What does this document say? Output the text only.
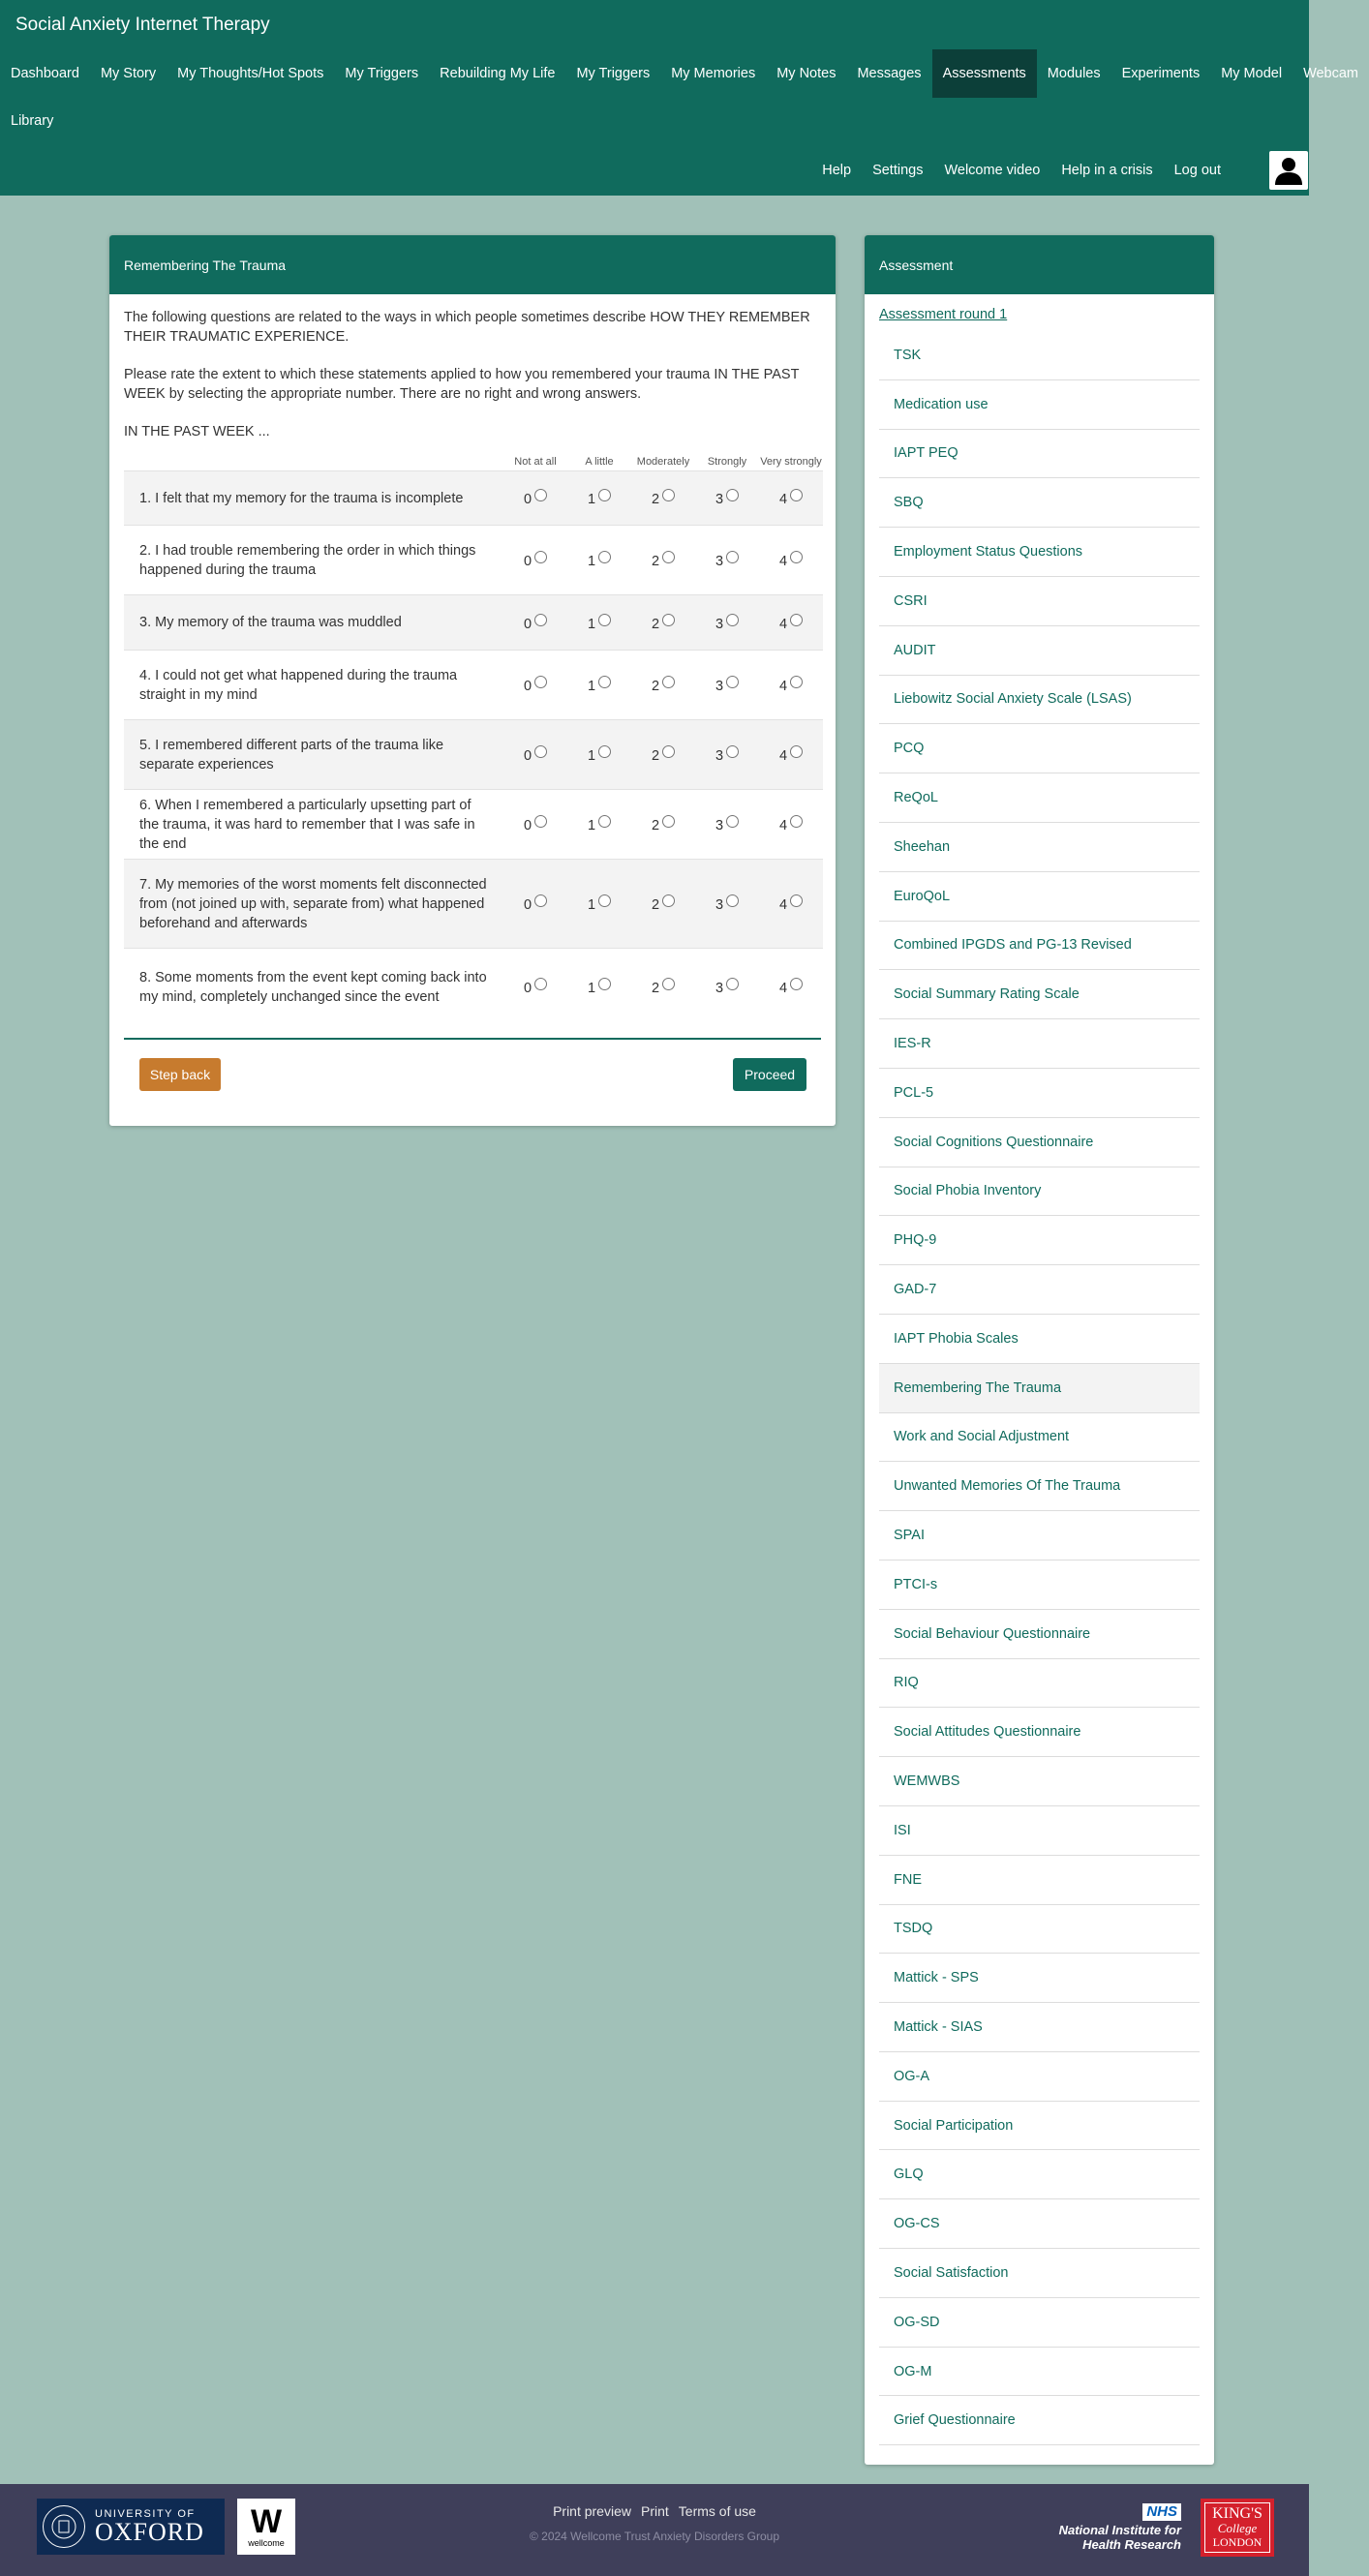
Social Anxiety Internet Therapy
Dashboard	My Story	My Thoughts/Hot Spots	My Triggers	Rebuilding My Life	My Triggers	My Memories	My Notes	Messages	Assessments	Modules	Experiments	My Model	Webcam
Library
Help	Settings	Welcome video	Help in a crisis	Log out
Remembering The Trauma

The following questions are related to the ways in which people sometimes describe HOW THEY REMEMBER THEIR TRAUMATIC EXPERIENCE.

Please rate the extent to which these statements applied to how you remembered your trauma IN THE PAST WEEK by selecting the appropriate number. There are no right and wrong answers.

IN THE PAST WEEK ...

	Not at all	A little	Moderately	Strongly	Very strongly
1. I felt that my memory for the trauma is incomplete	0	1	2	3	4
2. I had trouble remembering the order in which things happened during the trauma	0	1	2	3	4
3. My memory of the trauma was muddled	0	1	2	3	4
4. I could not get what happened during the trauma straight in my mind	0	1	2	3	4
5. I remembered different parts of the trauma like separate experiences	0	1	2	3	4
6. When I remembered a particularly upsetting part of the trauma, it was hard to remember that I was safe in the end	0	1	2	3	4
7. My memories of the worst moments felt disconnected from (not joined up with, separate from) what happened beforehand and afterwards	0	1	2	3	4
8. Some moments from the event kept coming back into my mind, completely unchanged since the event	0	1	2	3	4
Step back	Proceed
Assessment
Assessment round 1
TSK
Medication use
IAPT PEQ
SBQ
Employment Status Questions
CSRI
AUDIT
Liebowitz Social Anxiety Scale (LSAS)
PCQ
ReQoL
Sheehan
EuroQoL
Combined IPGDS and PG-13 Revised
Social Summary Rating Scale
IES-R
PCL-5
Social Cognitions Questionnaire
Social Phobia Inventory
PHQ-9
GAD-7
IAPT Phobia Scales
Remembering The Trauma
Work and Social Adjustment
Unwanted Memories Of The Trauma
SPAI
PTCI-s
Social Behaviour Questionnaire
RIQ
Social Attitudes Questionnaire
WEMWBS
ISI
FNE
TSDQ
Mattick - SPS
Mattick - SIAS
OG-A
Social Participation
GLQ
OG-CS
Social Satisfaction
OG-SD
OG-M
Grief Questionnaire
UNIVERSITY OF
OXFORD W
wellcome
Print preview Print Terms of use
© 2024 Wellcome Trust Anxiety Disorders Group
NHS
National Institute for
Health Research
KING'S
College
LONDON
